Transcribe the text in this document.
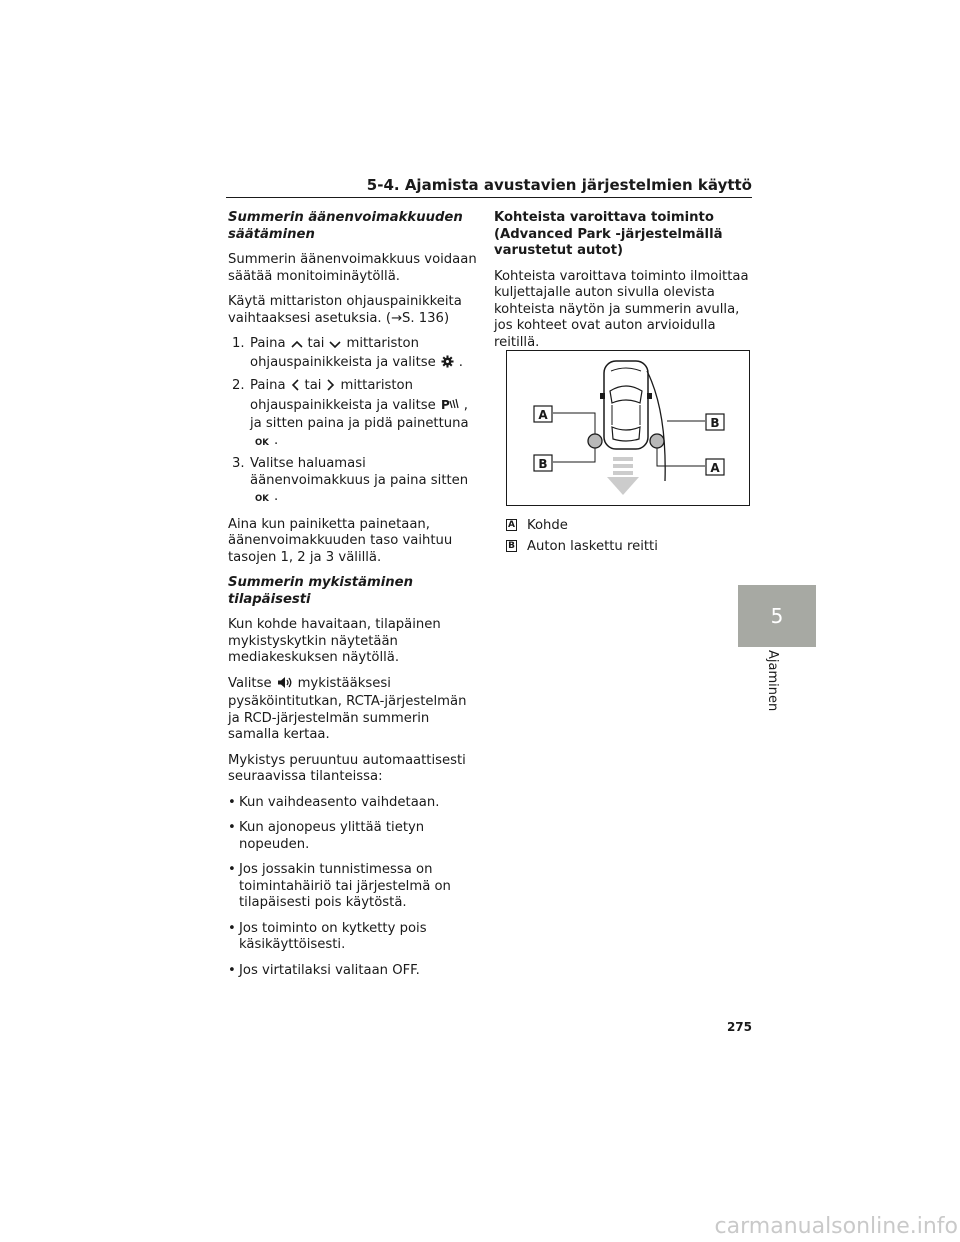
5-4. Ajamista avustavien järjestelmien käyttö

Summerin äänenvoimakkuuden säätäminen

Summerin äänenvoimakkuus voidaan säätää monitoiminäytöllä.

Käytä mittariston ohjauspainikkeita vaihtaaksesi asetuksia. (→S. 136)

1. Paina tai mittariston ohjauspainikkeista ja valitse .
2. Paina tai mittariston ohjauspainikkeista ja valitse P , ja sitten paina ja pidä painettuna
OK .
3. Valitse haluamasi äänenvoimakkuus ja paina sitten
OK .

Aina kun painiketta painetaan, äänenvoimakkuuden taso vaihtuu tasojen 1, 2 ja 3 välillä.

Summerin mykistäminen tilapäisesti

Kun kohde havaitaan, tilapäinen mykistyskytkin näytetään mediakeskuksen näytöllä.

Valitse mykistääksesi pysäköintitutkan, RCTA-järjestelmän ja RCD-järjestelmän summerin samalla kertaa.

Mykistys peruuntuu automaattisesti seuraavissa tilanteissa:

• Kun vaihdeasento vaihdetaan.
• Kun ajonopeus ylittää tietyn nopeuden.
• Jos jossakin tunnistimessa on toimintahäiriö tai järjestelmä on tilapäisesti pois käytöstä.
• Jos toiminto on kytketty pois käsikäyttöisesti.
• Jos virtatilaksi valitaan OFF.

Kohteista varoittava toiminto (Advanced Park -järjestelmällä varustetut autot)

Kohteista varoittava toiminto ilmoittaa kuljettajalle auton sivulla olevista kohteista näytön ja summerin avulla, jos kohteet ovat auton arvioidulla reitillä.

A
B
B
A
A Kohde
B Auton laskettu reitti
5
Ajaminen
275
carmanualsonline.info
